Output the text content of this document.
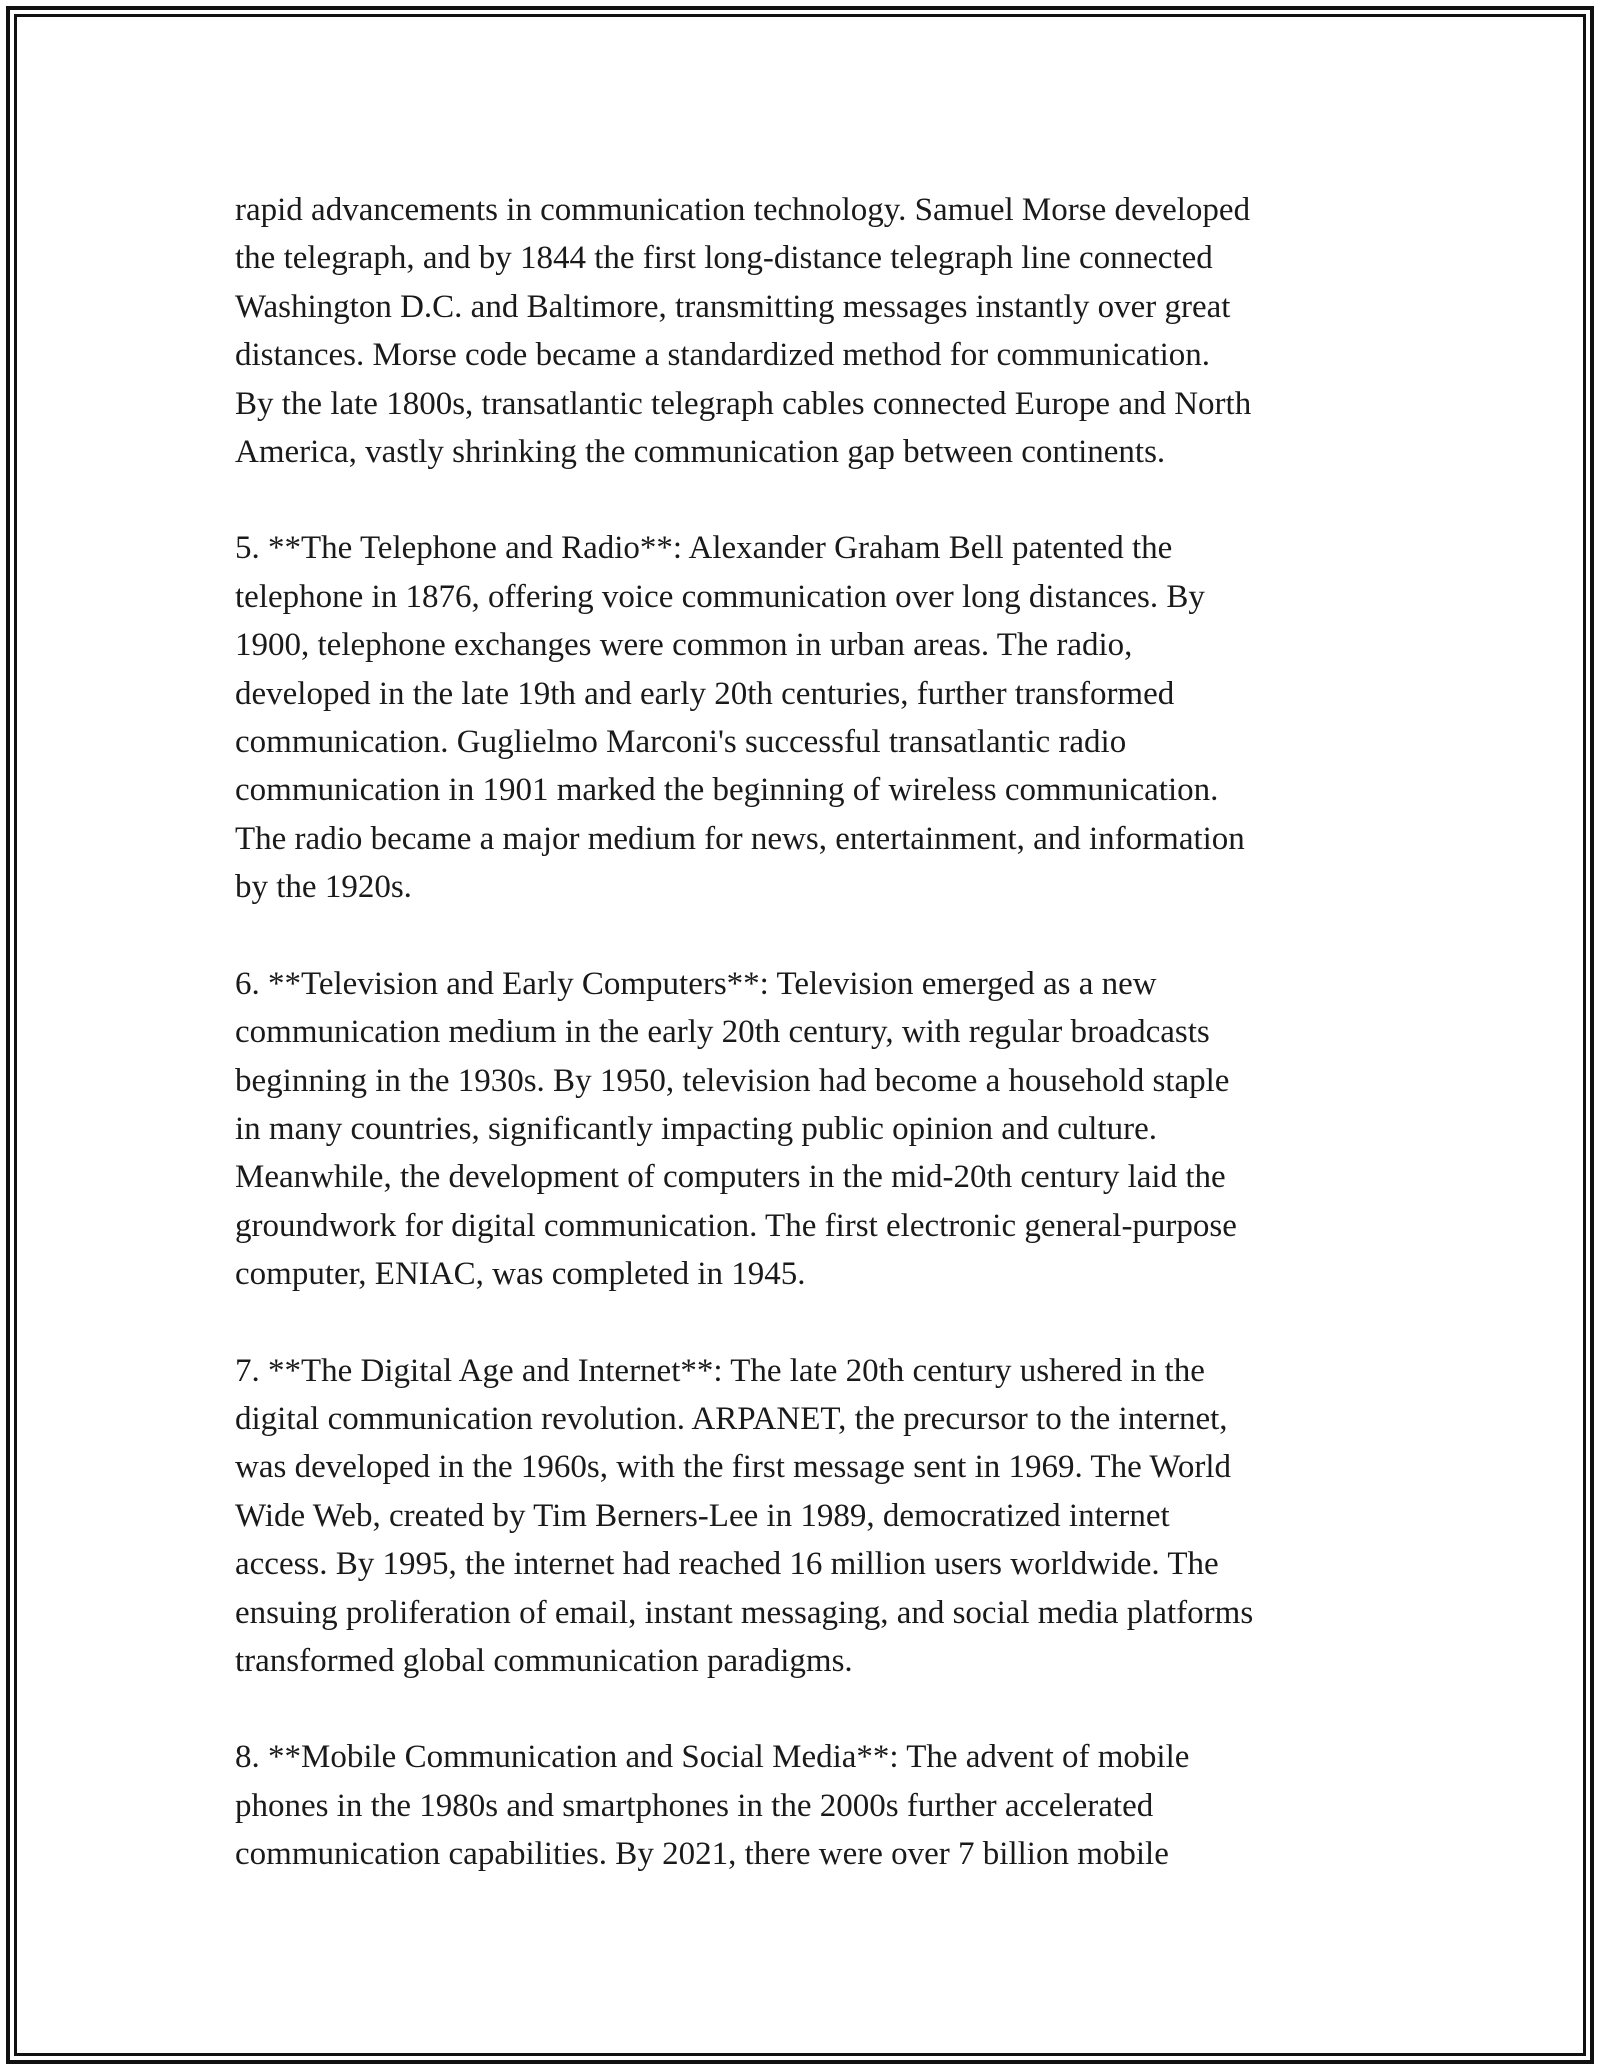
rapid advancements in communication technology. Samuel Morse developed
the telegraph, and by 1844 the first long-distance telegraph line connected
Washington D.C. and Baltimore, transmitting messages instantly over great
distances. Morse code became a standardized method for communication.
By the late 1800s, transatlantic telegraph cables connected Europe and North
America, vastly shrinking the communication gap between continents.

5. **The Telephone and Radio**: Alexander Graham Bell patented the
telephone in 1876, offering voice communication over long distances. By
1900, telephone exchanges were common in urban areas. The radio,
developed in the late 19th and early 20th centuries, further transformed
communication. Guglielmo Marconi's successful transatlantic radio
communication in 1901 marked the beginning of wireless communication.
The radio became a major medium for news, entertainment, and information
by the 1920s.

6. **Television and Early Computers**: Television emerged as a new
communication medium in the early 20th century, with regular broadcasts
beginning in the 1930s. By 1950, television had become a household staple
in many countries, significantly impacting public opinion and culture.
Meanwhile, the development of computers in the mid-20th century laid the
groundwork for digital communication. The first electronic general-purpose
computer, ENIAC, was completed in 1945.

7. **The Digital Age and Internet**: The late 20th century ushered in the
digital communication revolution. ARPANET, the precursor to the internet,
was developed in the 1960s, with the first message sent in 1969. The World
Wide Web, created by Tim Berners-Lee in 1989, democratized internet
access. By 1995, the internet had reached 16 million users worldwide. The
ensuing proliferation of email, instant messaging, and social media platforms
transformed global communication paradigms.

8. **Mobile Communication and Social Media**: The advent of mobile
phones in the 1980s and smartphones in the 2000s further accelerated
communication capabilities. By 2021, there were over 7 billion mobile
